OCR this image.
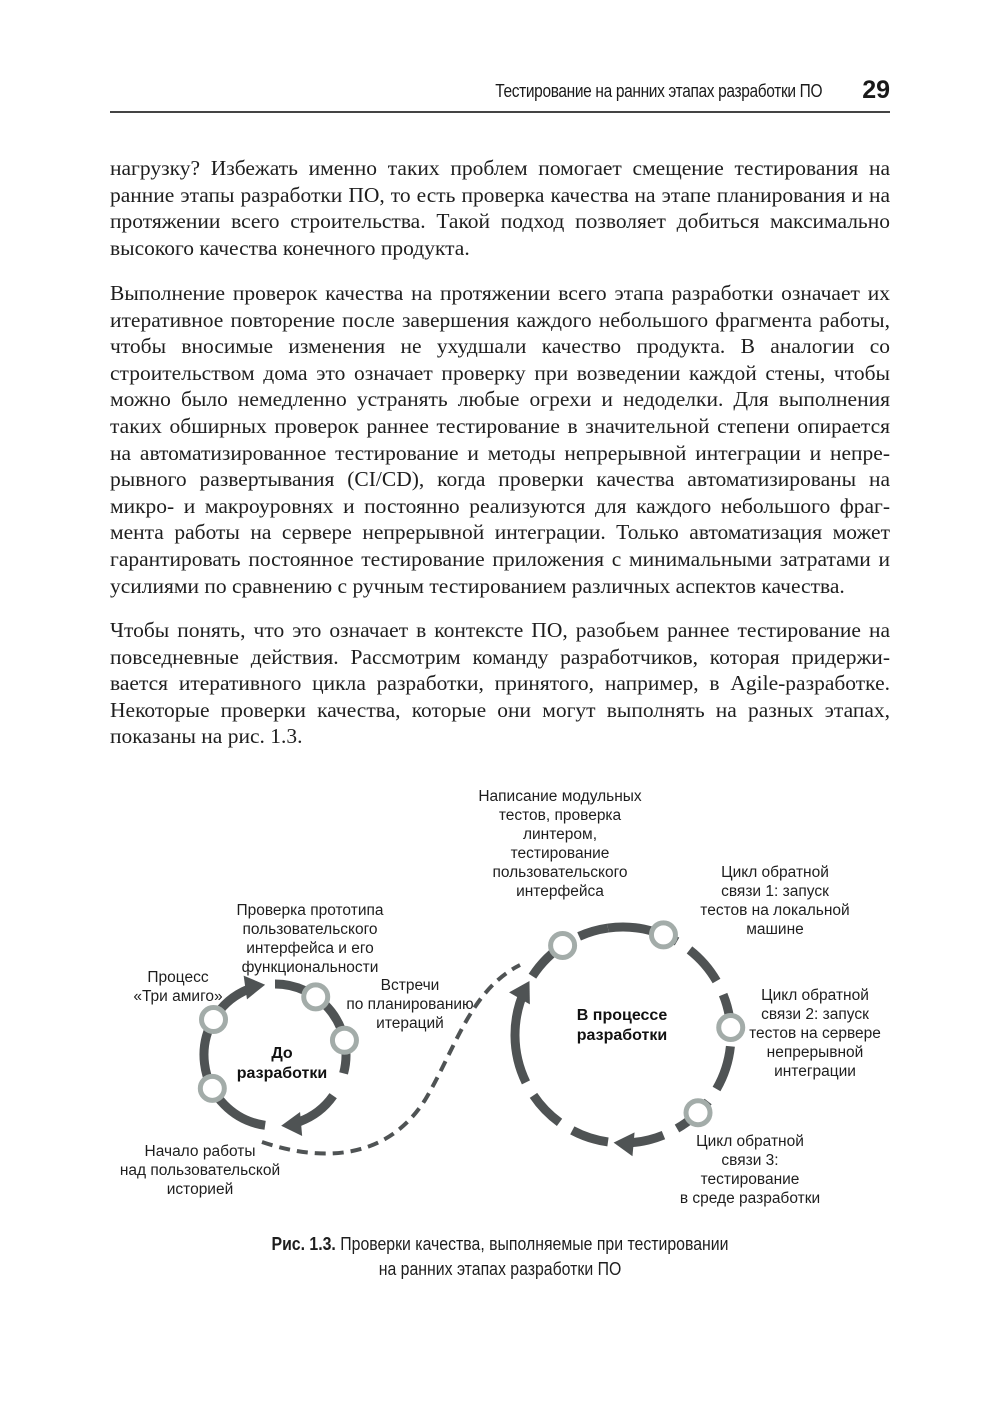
Тестирование на ранних этапах разработки ПО 29

нагрузку? Избежать именно таких проблем помогает смещение тестирования на ранние этапы разработки ПО, то есть проверка качества на этапе планирования и на протяжении всего строительства. Такой подход позволяет добиться максимально высокого качества конечного продукта.

Выполнение проверок качества на протяжении всего этапа разработки означает их итеративное повторение после завершения каждого небольшого фрагмента работы, чтобы вносимые изменения не ухудшали качество продукта. В аналогии со строительством дома это означает проверку при возведении каждой стены, чтобы можно было немедленно устранять любые огрехи и недоделки. Для выполнения таких обширных проверок раннее тестирование в значительной степени опирается на автоматизированное тестирование и методы непрерывной интеграции и непрерывного развертывания (CI/CD), когда проверки качества автоматизированы на микро- и макроуровнях и постоянно реализуются для каждого небольшого фрагмента работы на сервере непрерывной интеграции. Только автоматизация может гарантировать постоянное тестирование приложения с минимальными затратами и усилиями по сравнению с ручным тестированием различных аспектов качества.

Чтобы понять, что это означает в контексте ПО, разобьем раннее тестирование на повседневные действия. Рассмотрим команду разработчиков, которая придерживается итеративного цикла разработки, принятого, например, в Agile-разработке. Некоторые проверки качества, которые они могут выполнять на разных этапах, показаны на рис. 1.3.

Процесс
«Три амиго»
Проверка прототипа
пользовательского
интерфейса и его
функциональности
Встречи
по планированию
итераций
Начало работы
над пользовательской
историей
До
разработки
Написание модульных
тестов, проверка
линтером,
тестирование
пользовательского
интерфейса
Цикл обратной
связи 1: запуск
тестов на локальной
машине
Цикл обратной
связи 2: запуск
тестов на сервере
непрерывной
интеграции
Цикл обратной
связи 3:
тестирование
в среде разработки
В процессе
разработки
Рис. 1.3. Проверки качества, выполняемые при тестировании
на ранних этапах разработки ПО
